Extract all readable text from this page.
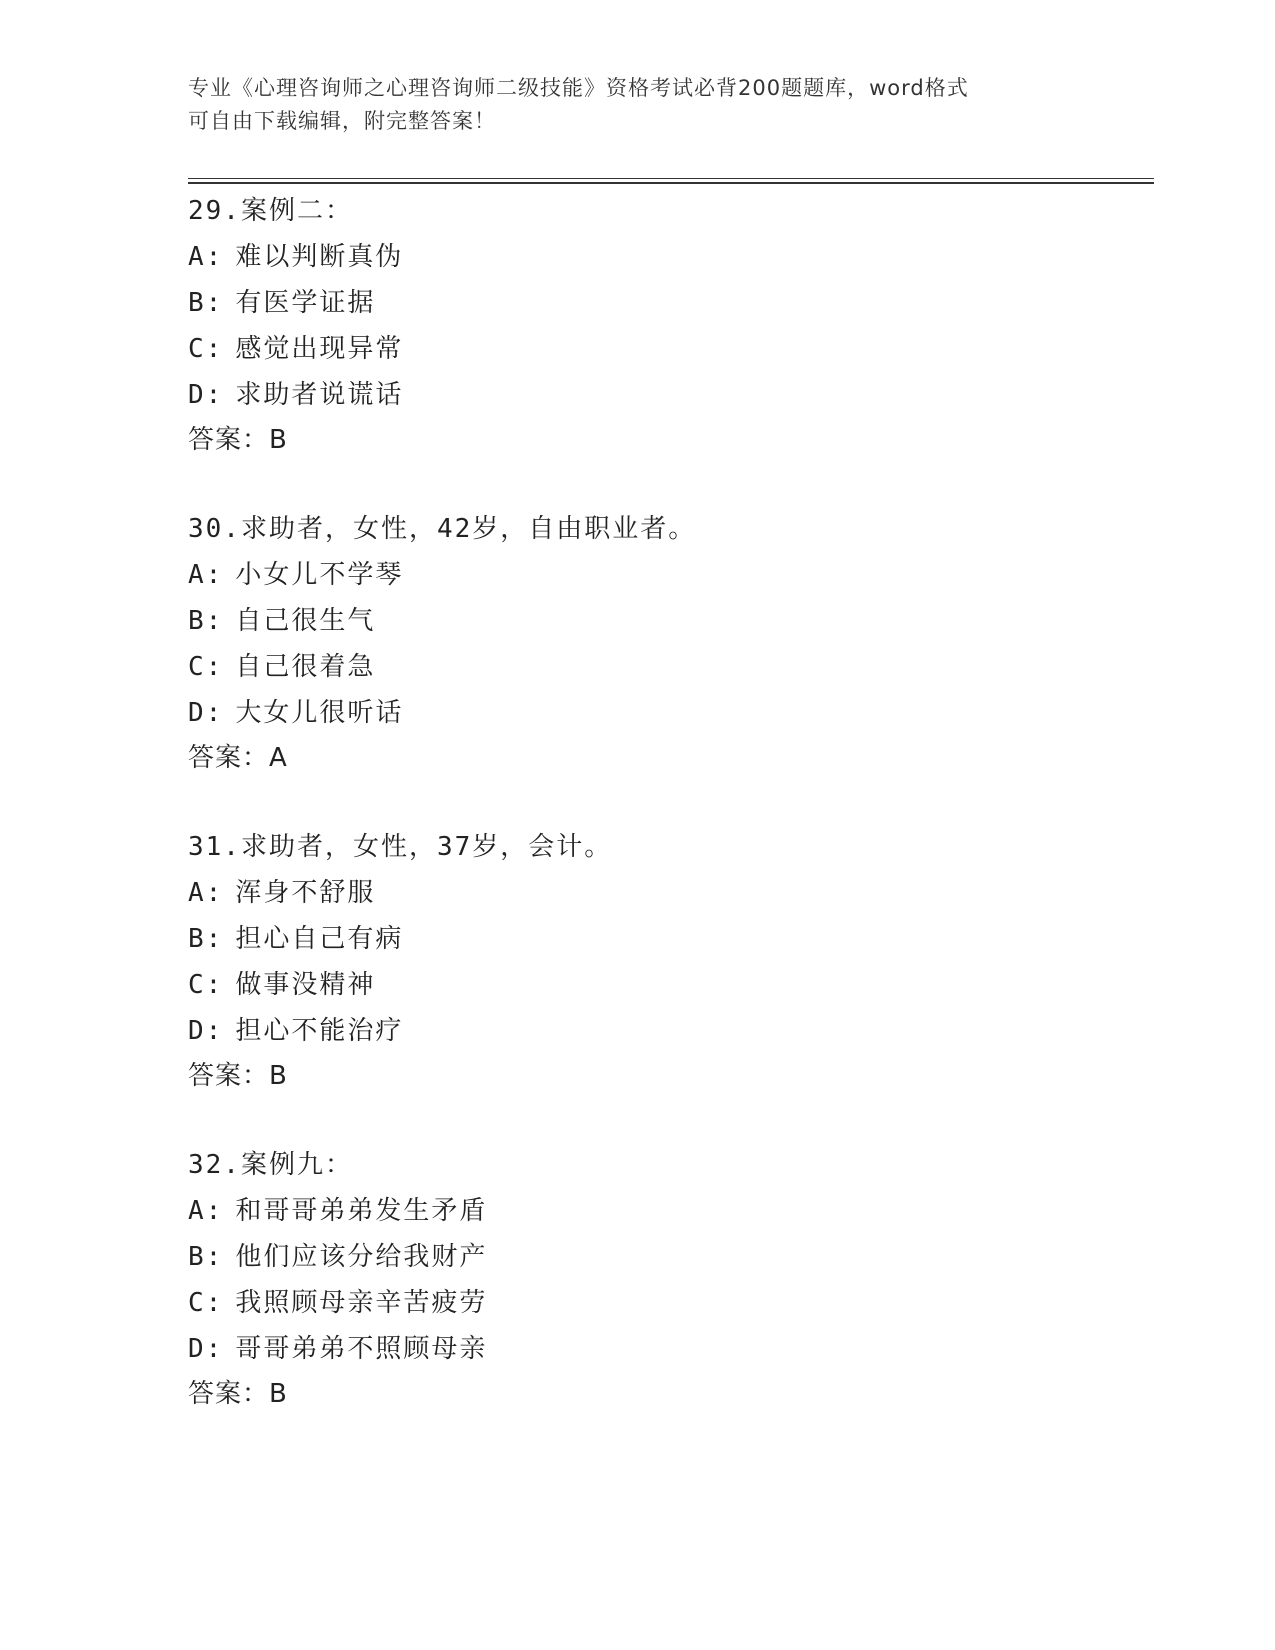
专业《心理咨询师之心理咨询师二级技能》资格考试必背200题题库，word格式
可自由下载编辑，附完整答案！
29.案例二：
A: 难以判断真伪
B: 有医学证据
C: 感觉出现异常
D: 求助者说谎话
答案：B
30.求助者，女性，42岁，自由职业者。
A: 小女儿不学琴
B: 自己很生气
C: 自己很着急
D: 大女儿很听话
答案：A
31.求助者，女性，37岁，会计。
A: 浑身不舒服
B: 担心自己有病
C: 做事没精神
D: 担心不能治疗
答案：B
32.案例九：
A: 和哥哥弟弟发生矛盾
B: 他们应该分给我财产
C: 我照顾母亲辛苦疲劳
D: 哥哥弟弟不照顾母亲
答案：B
